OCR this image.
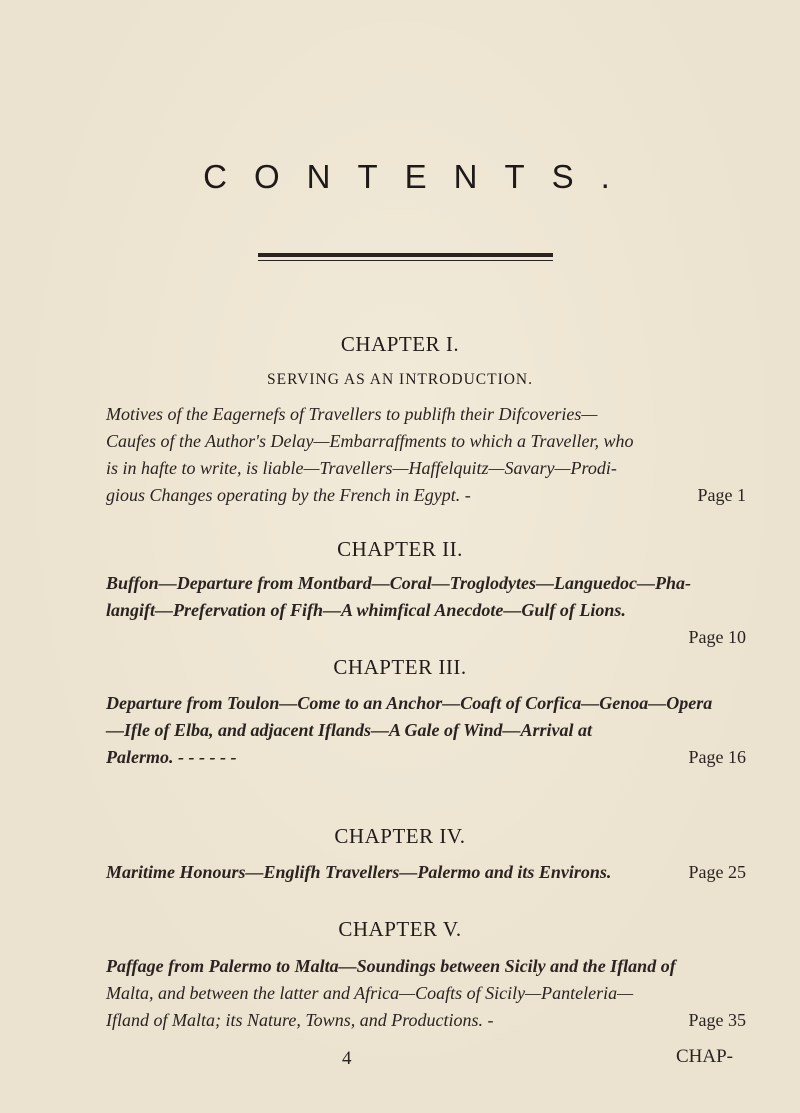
CONTENTS.
CHAPTER I.
SERVING AS AN INTRODUCTION.
Motives of the Eagernefs of Travellers to publifh their Difcoveries—
Caufes of the Author's Delay—Embarraffments to which a Traveller, who
is in hafte to write, is liable—Travellers—Haffelquitz—Savary—Prodi-
gious Changes operating by the French in Egypt. -	Page 1
CHAPTER II.
Buffon—Departure from Montbard—Coral—Troglodytes—Languedoc—Pha-
langift—Prefervation of Fifh—A whimfical Anecdote—Gulf of Lions.
Page 10
CHAPTER III.
Departure from Toulon—Come to an Anchor—Coaft of Corfica—Genoa—Opera
—Ifle of Elba, and adjacent Iflands—A Gale of Wind—Arrival at
Palermo. - - - - - -	Page 16
CHAPTER IV.
Maritime Honours—Englifh Travellers—Palermo and its Environs.	Page 25
CHAPTER V.
Paffage from Palermo to Malta—Soundings between Sicily and the Ifland of
Malta, and between the latter and Africa—Coafts of Sicily—Panteleria—
Ifland of Malta; its Nature, Towns, and Productions. -	Page 35
4	CHAP-
